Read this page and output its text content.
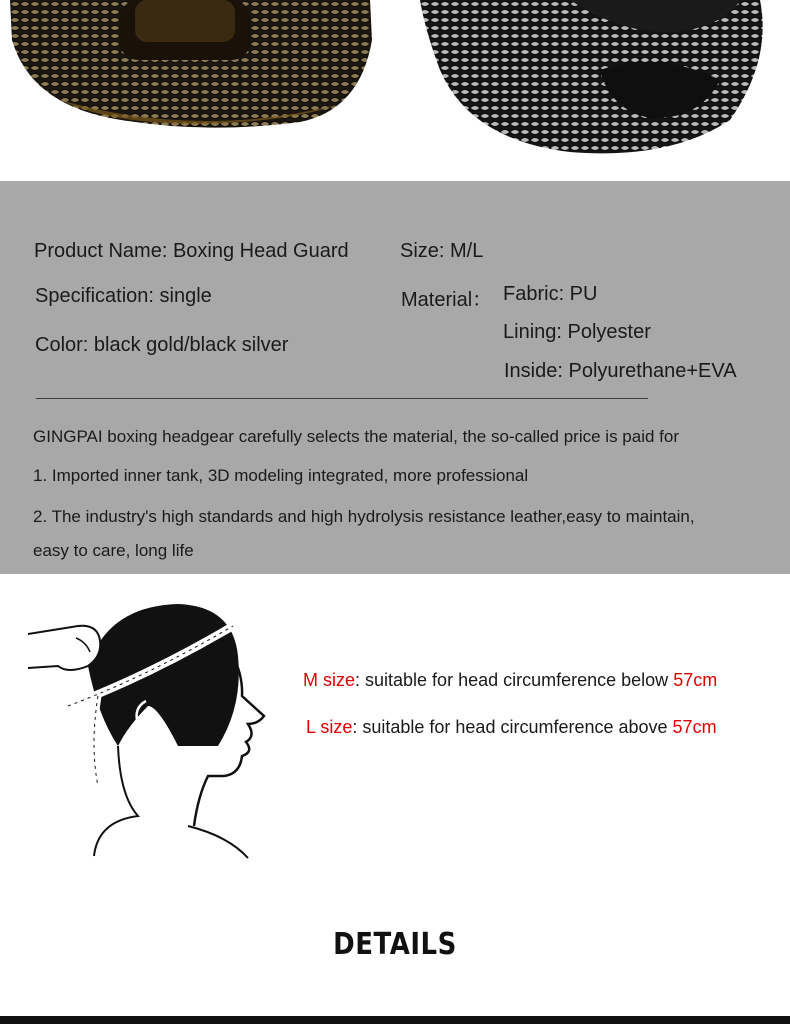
Product Name: Boxing Head Guard	Size: M/L
Specification: single	Material： Fabric: PU
Color: black gold/black silver
Lining: Polyester
Inside: Polyurethane+EVA
———————————————————————————————————————————————
GINGPAI boxing headgear carefully selects the material, the so-called price is paid for
1. Imported inner tank, 3D modeling integrated, more professional
2. The industry's high standards and high hydrolysis resistance leather,easy to maintain,
easy to care, long life
M size: suitable for head circumference below 57cm
L size: suitable for head circumference above 57cm
DETAILS
